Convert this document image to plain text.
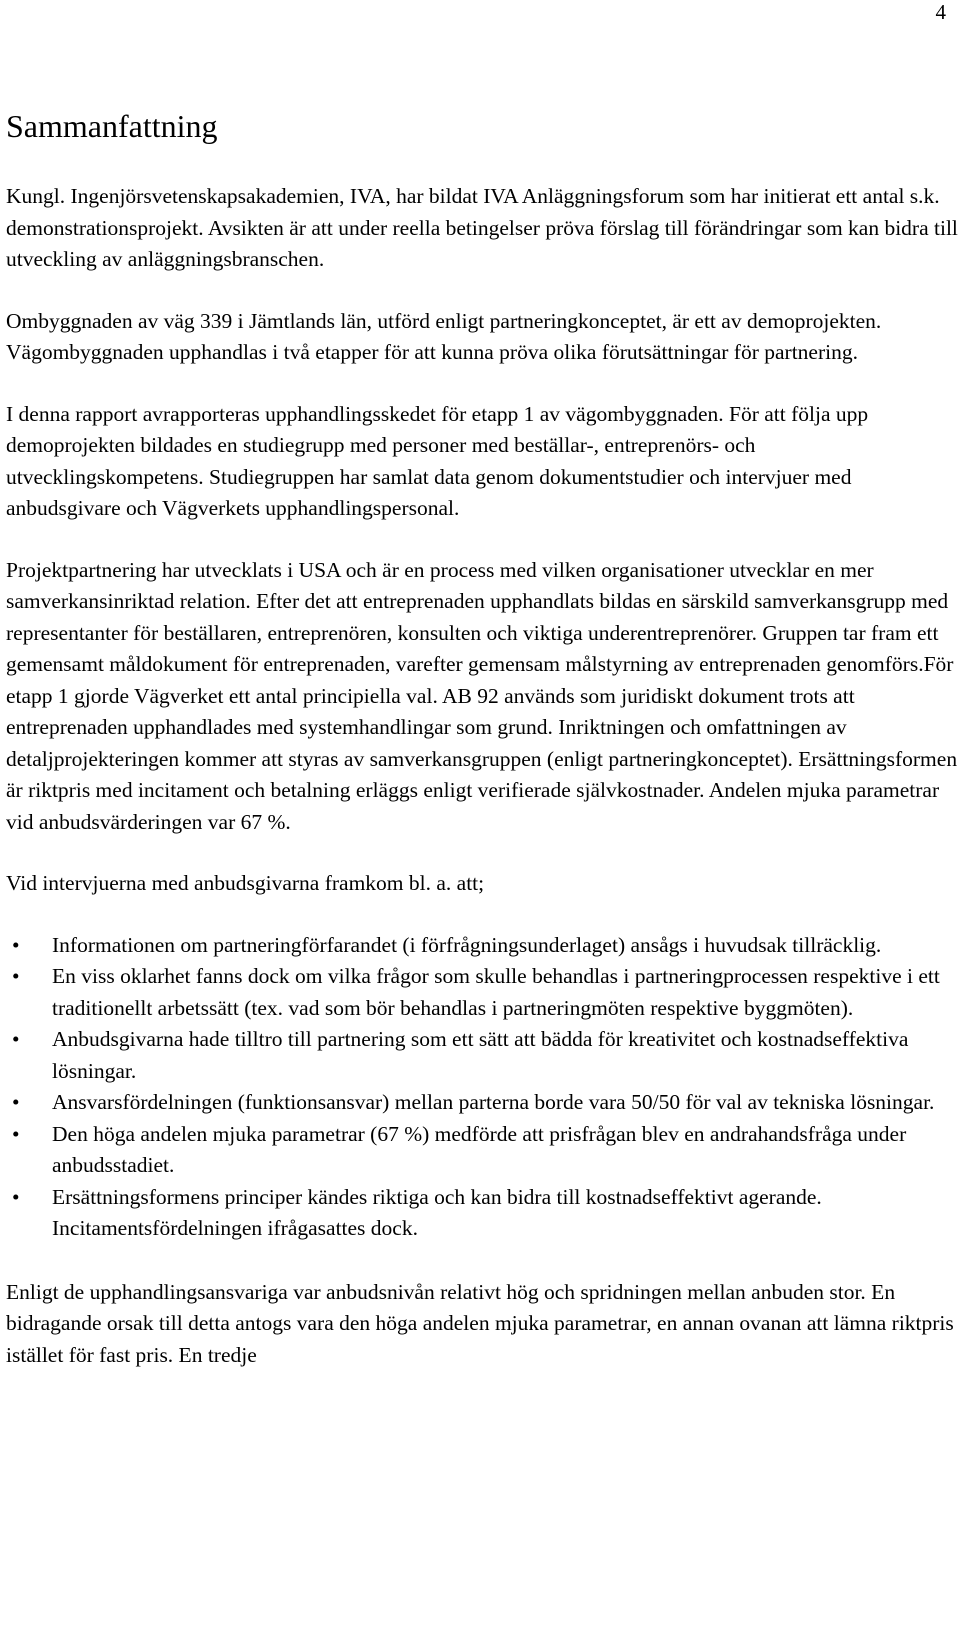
4
Sammanfattning

Kungl. Ingenjörsvetenskapsakademien, IVA, har bildat IVA Anläggningsforum som har initierat ett antal s.k. demonstrationsprojekt. Avsikten är att under reella betingelser pröva förslag till förändringar som kan bidra till utveckling av anläggningsbranschen.

Ombyggnaden av väg 339 i Jämtlands län, utförd enligt partneringkonceptet, är ett av demoprojekten. Vägombyggnaden upphandlas i två etapper för att kunna pröva olika förutsättningar för partnering.

I denna rapport avrapporteras upphandlingsskedet för etapp 1 av vägombyggnaden. För att följa upp demoprojekten bildades en studiegrupp med personer med beställar-, entreprenörs- och utvecklingskompetens. Studiegruppen har samlat data genom dokumentstudier och intervjuer med anbudsgivare och Vägverkets upphandlingspersonal.

Projektpartnering har utvecklats i USA och är en process med vilken organisationer utvecklar en mer samverkansinriktad relation. Efter det att entreprenaden upphandlats bildas en särskild samverkansgrupp med representanter för beställaren, entreprenören, konsulten och viktiga underentreprenörer. Gruppen tar fram ett gemensamt måldokument för entreprenaden, varefter gemensam målstyrning av entreprenaden genomförs.För etapp 1 gjorde Vägverket ett antal principiella val. AB 92 används som juridiskt dokument trots att entreprenaden upphandlades med systemhandlingar som grund. Inriktningen och omfattningen av detaljprojekteringen kommer att styras av samverkansgruppen (enligt partneringkonceptet). Ersättningsformen är riktpris med incitament och betalning erläggs enligt verifierade självkostnader. Andelen mjuka parametrar vid anbudsvärderingen var 67 %.

Vid intervjuerna med anbudsgivarna framkom bl. a. att;

• Informationen om partneringförfarandet (i förfrågningsunderlaget) ansågs i huvudsak tillräcklig.
• En viss oklarhet fanns dock om vilka frågor som skulle behandlas i partneringprocessen respektive i ett traditionellt arbetssätt (tex. vad som bör behandlas i partneringmöten respektive byggmöten).
• Anbudsgivarna hade tilltro till partnering som ett sätt att bädda för kreativitet och kostnadseffektiva lösningar.
• Ansvarsfördelningen (funktionsansvar) mellan parterna borde vara 50/50 för val av tekniska lösningar.
• Den höga andelen mjuka parametrar (67 %) medförde att prisfrågan blev en andrahandsfråga under anbudsstadiet.
• Ersättningsformens principer kändes riktiga och kan bidra till kostnadseffektivt agerande. Incitamentsfördelningen ifrågasattes dock.

Enligt de upphandlingsansvariga var anbudsnivån relativt hög och spridningen mellan anbuden stor. En bidragande orsak till detta antogs vara den höga andelen mjuka parametrar, en annan ovanan att lämna riktpris istället för fast pris. En tredje
